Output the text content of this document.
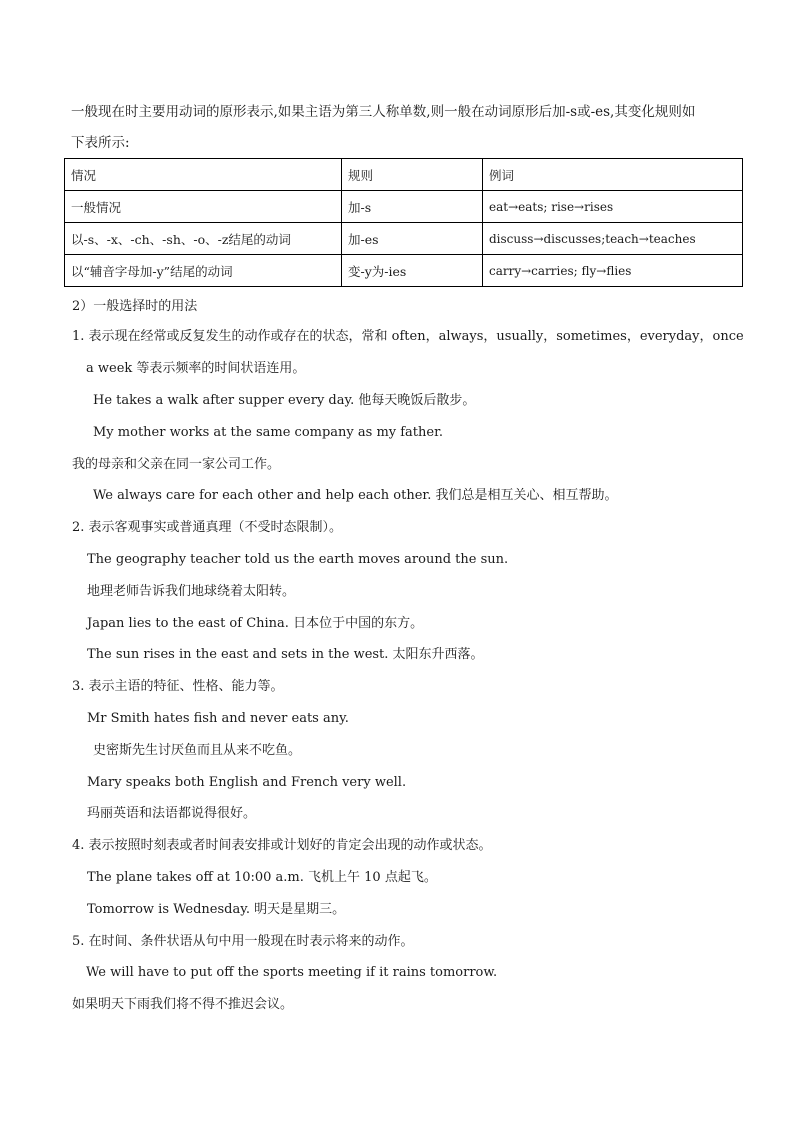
一般现在时主要用动词的原形表示,如果主语为第三人称单数,则一般在动词原形后加-s或-es,其变化规则如
下表所示:
情况	规则	例词
一般情况	加-s	eat→eats; rise→rises
以-s、-x、-ch、-sh、-o、-z结尾的动词	加-es	discuss→discusses;teach→teaches
以“辅音字母加-y”结尾的动词	变-y为-ies	carry→carries; fly→flies
2）一般选择时的用法
1. 表示现在经常或反复发生的动作或存在的状态，常和 often，always，usually，sometimes，everyday，once
a week 等表示频率的时间状语连用。
He takes a walk after supper every day. 他每天晚饭后散步。
My mother works at the same company as my father.
我的母亲和父亲在同一家公司工作。
We always care for each other and help each other. 我们总是相互关心、相互帮助。
2. 表示客观事实或普通真理（不受时态限制）。
The geography teacher told us the earth moves around the sun.
地理老师告诉我们地球绕着太阳转。
Japan lies to the east of China. 日本位于中国的东方。
The sun rises in the east and sets in the west. 太阳东升西落。
3. 表示主语的特征、性格、能力等。
Mr Smith hates fish and never eats any.
史密斯先生讨厌鱼而且从来不吃鱼。
Mary speaks both English and French very well.
玛丽英语和法语都说得很好。
4. 表示按照时刻表或者时间表安排或计划好的肯定会出现的动作或状态。
The plane takes off at 10:00 a.m. 飞机上午 10 点起飞。
Tomorrow is Wednesday. 明天是星期三。
5. 在时间、条件状语从句中用一般现在时表示将来的动作。
We will have to put off the sports meeting if it rains tomorrow.
如果明天下雨我们将不得不推迟会议。
